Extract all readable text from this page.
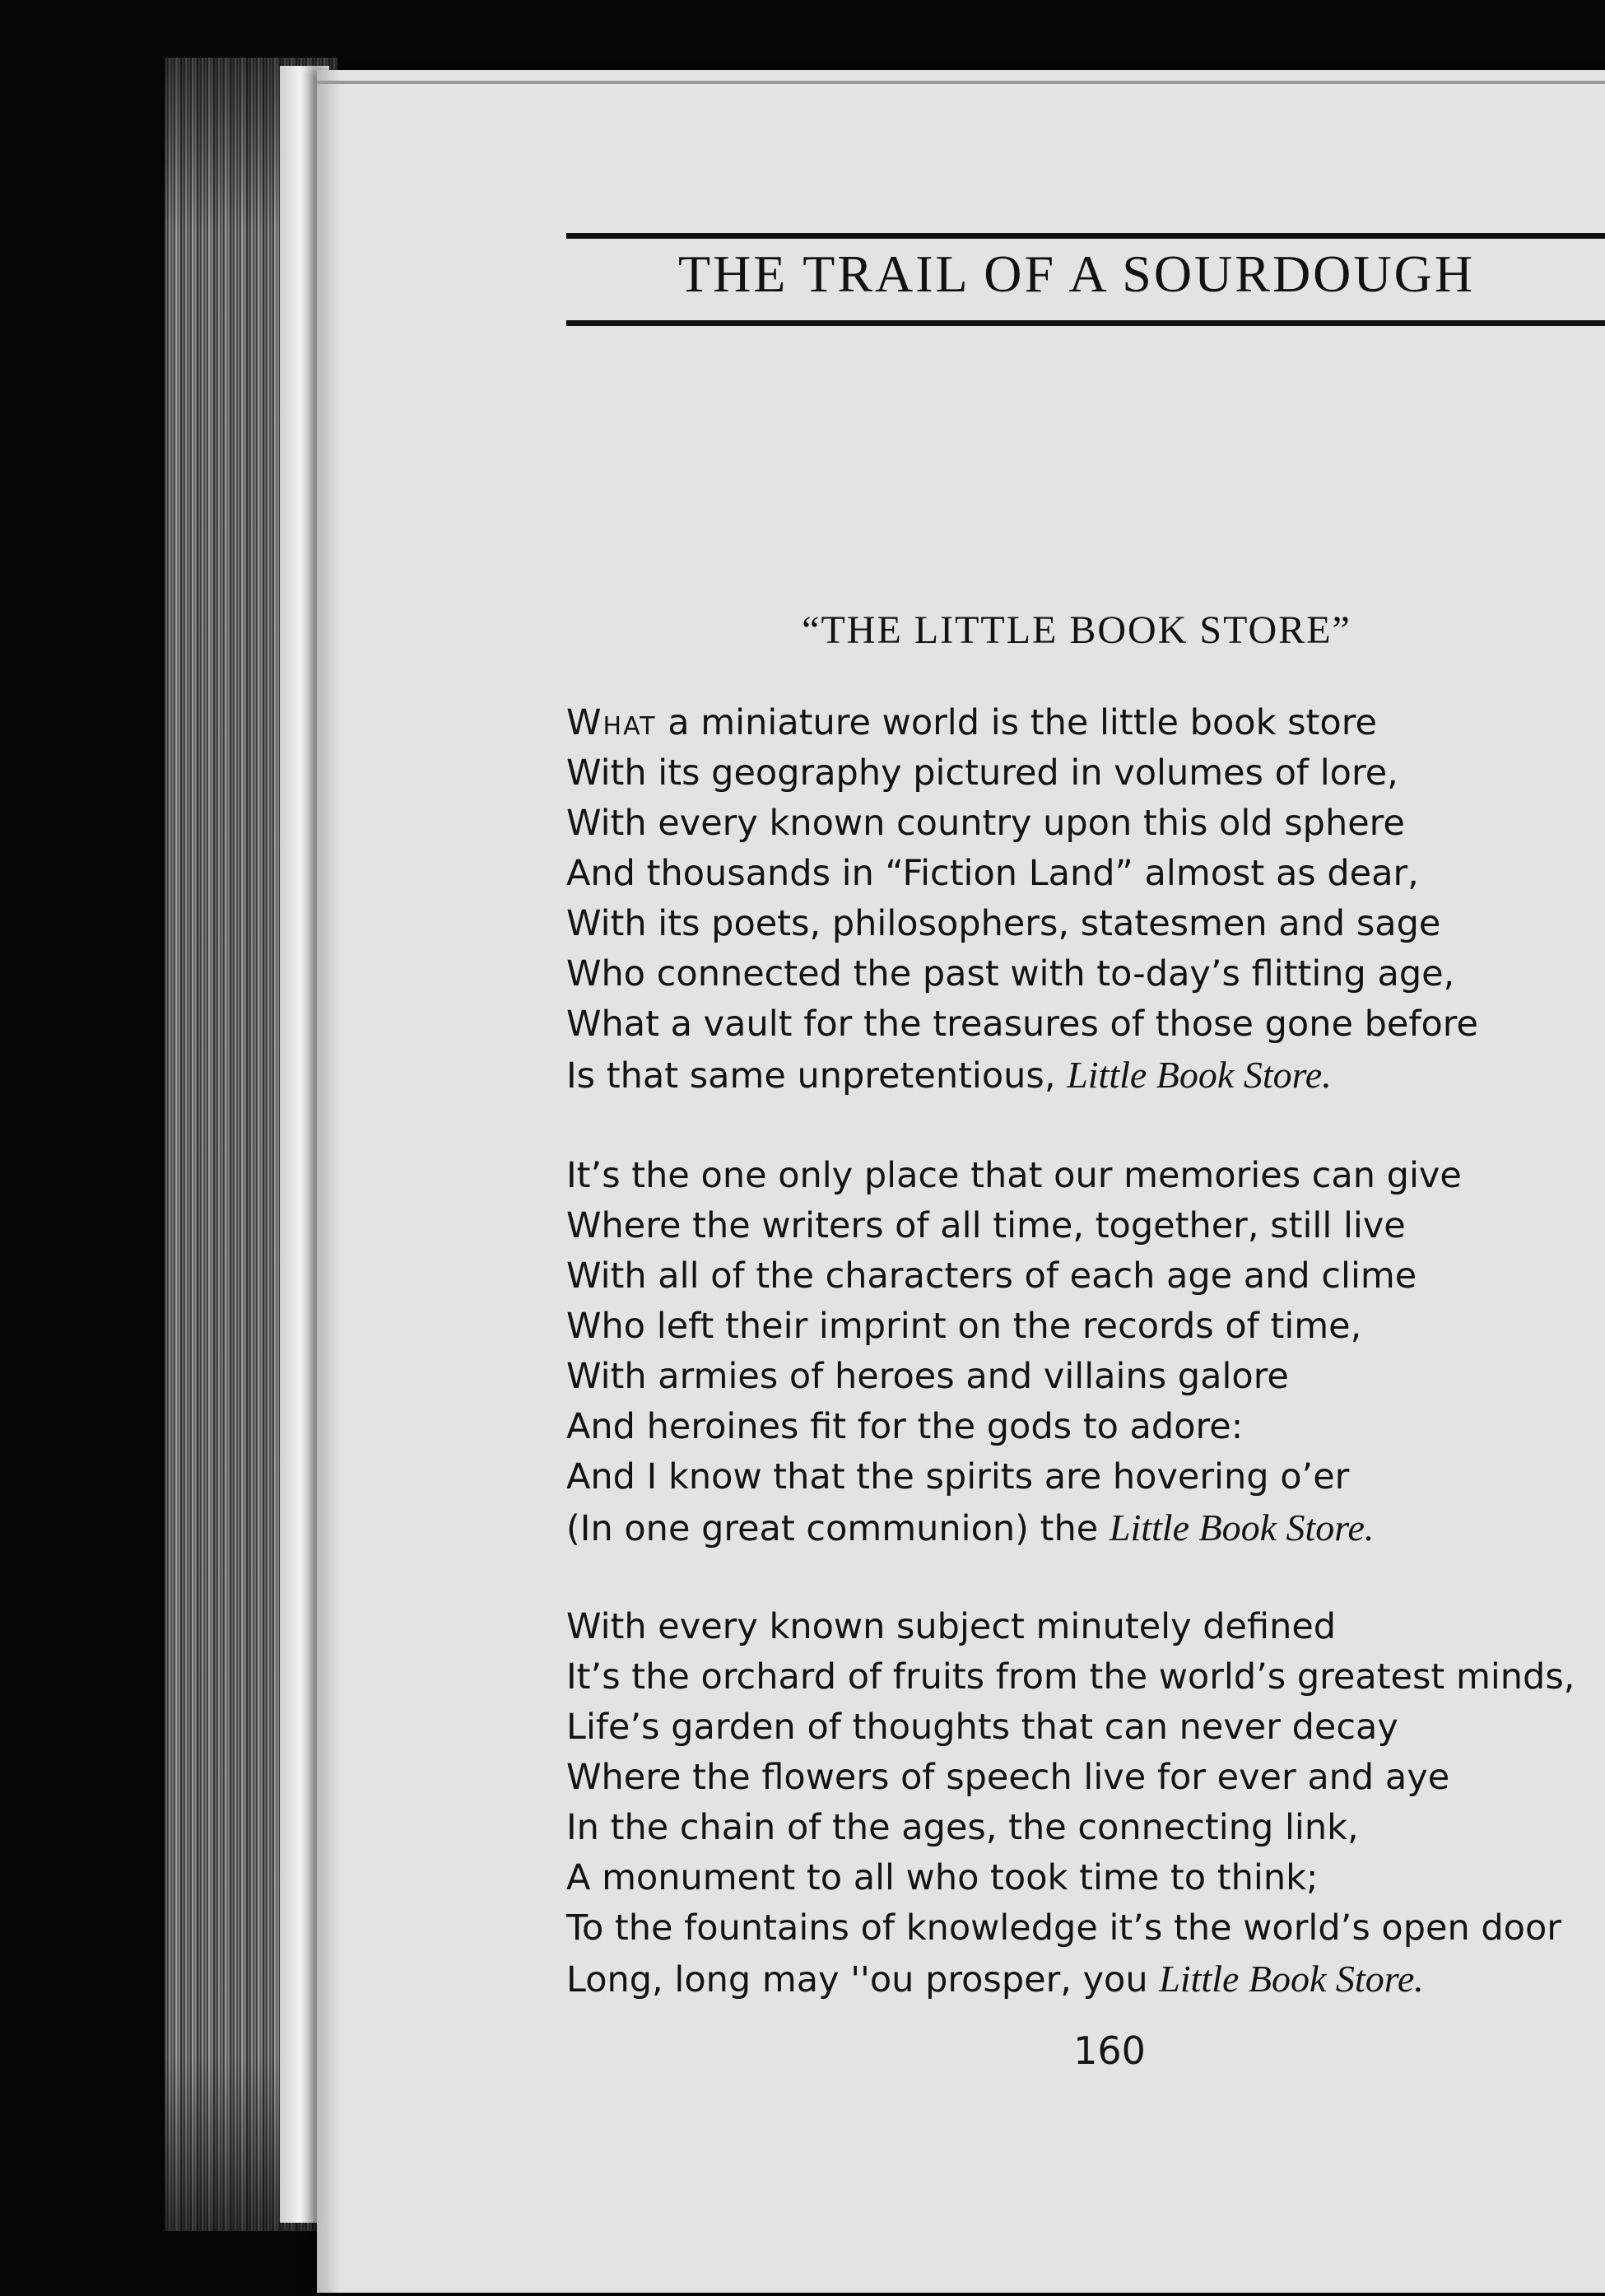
THE TRAIL OF A SOURDOUGH
“THE LITTLE BOOK STORE”
What a miniature world is the little book store
With its geography pictured in volumes of lore,
With every known country upon this old sphere
And thousands in “Fiction Land” almost as dear,
With its poets, philosophers, statesmen and sage
Who connected the past with to-day’s flitting age,
What a vault for the treasures of those gone before
Is that same unpretentious, Little Book Store.
It’s the one only place that our memories can give
Where the writers of all time, together, still live
With all of the characters of each age and clime
Who left their imprint on the records of time,
With armies of heroes and villains galore
And heroines fit for the gods to adore:
And I know that the spirits are hovering o’er
(In one great communion) the Little Book Store.
With every known subject minutely defined
It’s the orchard of fruits from the world’s greatest minds,
Life’s garden of thoughts that can never decay
Where the flowers of speech live for ever and aye
In the chain of the ages, the connecting link,
A monument to all who took time to think;
To the fountains of knowledge it’s the world’s open door
Long, long may ''ou prosper, you Little Book Store.
160
